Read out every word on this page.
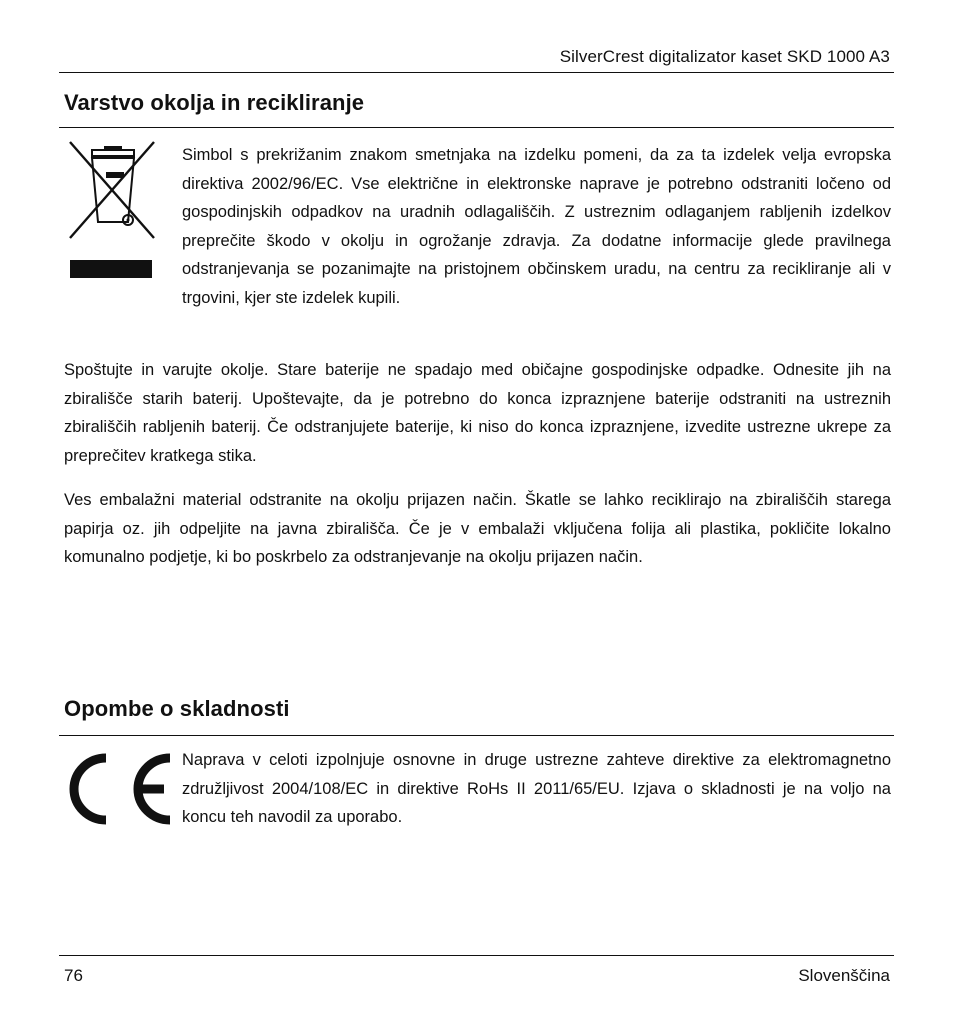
SilverCrest digitalizator kaset SKD 1000 A3
Varstvo okolja in recikliranje
Simbol s prekrižanim znakom smetnjaka na izdelku pomeni, da za ta izdelek velja evropska direktiva 2002/96/EC. Vse električne in elektronske naprave je potrebno odstraniti ločeno od gospodinjskih odpadkov na uradnih odlagališčih. Z ustreznim odlaganjem rabljenih izdelkov preprečite škodo v okolju in ogrožanje zdravja. Za dodatne informacije glede pravilnega odstranjevanja se pozanimajte na pristojnem občinskem uradu, na centru za recikliranje ali v trgovini, kjer ste izdelek kupili.
Spoštujte in varujte okolje. Stare baterije ne spadajo med običajne gospodinjske odpadke. Odnesite jih na zbirališče starih baterij. Upoštevajte, da je potrebno do konca izpraznjene baterije odstraniti na ustreznih zbirališčih rabljenih baterij. Če odstranjujete baterije, ki niso do konca izpraznjene, izvedite ustrezne ukrepe za preprečitev kratkega stika.
Ves embalažni material odstranite na okolju prijazen način. Škatle se lahko reciklirajo na zbirališčih starega papirja oz. jih odpeljite na javna zbirališča. Če je v embalaži vključena folija ali plastika, pokličite lokalno komunalno podjetje, ki bo poskrbelo za odstranjevanje na okolju prijazen način.
Opombe o skladnosti
Naprava v celoti izpolnjuje osnovne in druge ustrezne zahteve direktive za elektromagnetno združljivost 2004/108/EC in direktive RoHs II 2011/65/EU. Izjava o skladnosti je na voljo na koncu teh navodil za uporabo.
76	Slovenščina
